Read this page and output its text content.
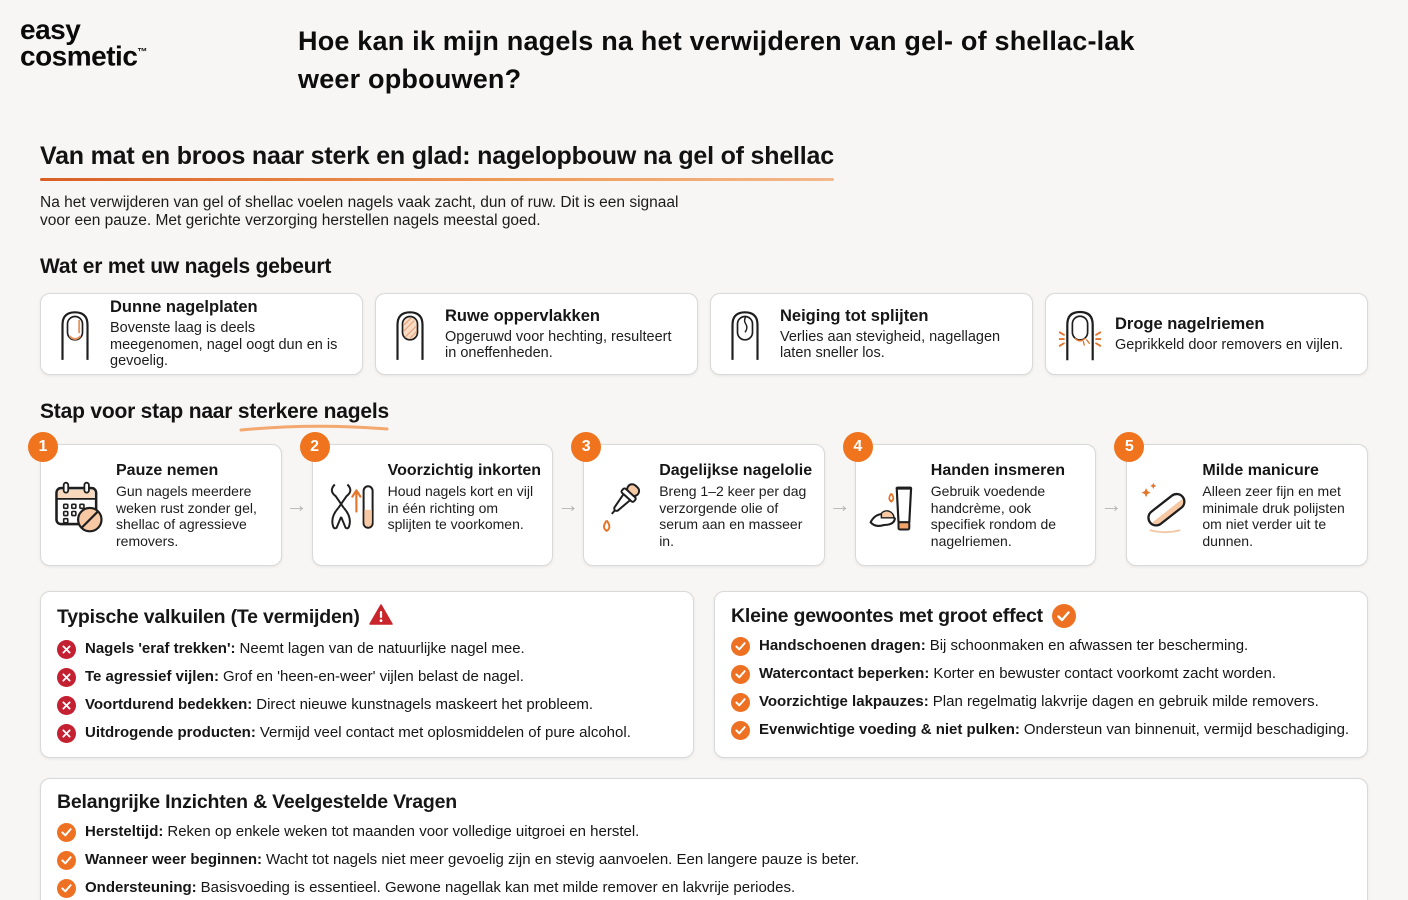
easy
cosmetic™	Hoe kan ik mijn nagels na het verwijderen van gel- of shellac-lak weer opbouwen?
Van mat en broos naar sterk en glad: nagelopbouw na gel of shellac
Na het verwijderen van gel of shellac voelen nagels vaak zacht, dun of ruw. Dit is een signaal voor een pauze. Met gerichte verzorging herstellen nagels meestal goed.
Wat er met uw nagels gebeurt
Dunne nagelplaten
Bovenste laag is deels meegenomen, nagel oogt dun en is gevoelig.
Ruwe oppervlakken
Opgeruwd voor hechting, resulteert in oneffenheden.
Neiging tot splijten
Verlies aan stevigheid, nagellagen laten sneller los.
Droge nagelriemen
Geprikkeld door removers en vijlen.
Stap voor stap naar sterkere nagels
1
Pauze nemen
Gun nagels meerdere weken rust zonder gel, shellac of agressieve removers.
→
2
Voorzichtig inkorten
Houd nagels kort en vijl in één richting om splijten te voorkomen.
→
3
Dagelijkse nagelolie
Breng 1–2 keer per dag verzorgende olie of serum aan en masseer in.
→
4
Handen insmeren
Gebruik voedende handcrème, ook specifiek rondom de nagelriemen.
→
5
Milde manicure
Alleen zeer fijn en met minimale druk polijsten om niet verder uit te dunnen.
Typische valkuilen (Te vermijden)
Nagels 'eraf trekken': Neemt lagen van de natuurlijke nagel mee.
Te agressief vijlen: Grof en 'heen-en-weer' vijlen belast de nagel.
Voortdurend bedekken: Direct nieuwe kunstnagels maskeert het probleem.
Uitdrogende producten: Vermijd veel contact met oplosmiddelen of pure alcohol.
Kleine gewoontes met groot effect
Handschoenen dragen: Bij schoonmaken en afwassen ter bescherming.
Watercontact beperken: Korter en bewuster contact voorkomt zacht worden.
Voorzichtige lakpauzes: Plan regelmatig lakvrije dagen en gebruik milde removers.
Evenwichtige voeding & niet pulken: Ondersteun van binnenuit, vermijd beschadiging.
Belangrijke Inzichten & Veelgestelde Vragen
Hersteltijd: Reken op enkele weken tot maanden voor volledige uitgroei en herstel.
Wanneer weer beginnen: Wacht tot nagels niet meer gevoelig zijn en stevig aanvoelen. Een langere pauze is beter.
Ondersteuning: Basisvoeding is essentieel. Gewone nagellak kan met milde remover en lakvrije periodes.
